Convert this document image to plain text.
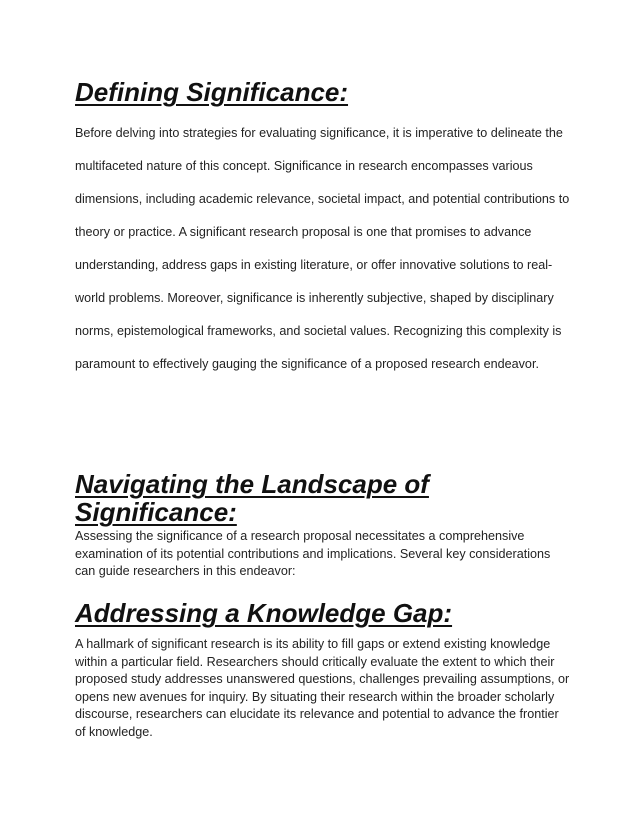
Defining Significance:

Before delving into strategies for evaluating significance, it is imperative to delineate the multifaceted nature of this concept. Significance in research encompasses various dimensions, including academic relevance, societal impact, and potential contributions to theory or practice. A significant research proposal is one that promises to advance understanding, address gaps in existing literature, or offer innovative solutions to real-world problems. Moreover, significance is inherently subjective, shaped by disciplinary norms, epistemological frameworks, and societal values. Recognizing this complexity is paramount to effectively gauging the significance of a proposed research endeavor.

Navigating the Landscape of Significance:

Assessing the significance of a research proposal necessitates a comprehensive examination of its potential contributions and implications. Several key considerations can guide researchers in this endeavor:

Addressing a Knowledge Gap:

A hallmark of significant research is its ability to fill gaps or extend existing knowledge within a particular field. Researchers should critically evaluate the extent to which their proposed study addresses unanswered questions, challenges prevailing assumptions, or opens new avenues for inquiry. By situating their research within the broader scholarly discourse, researchers can elucidate its relevance and potential to advance the frontier of knowledge.
